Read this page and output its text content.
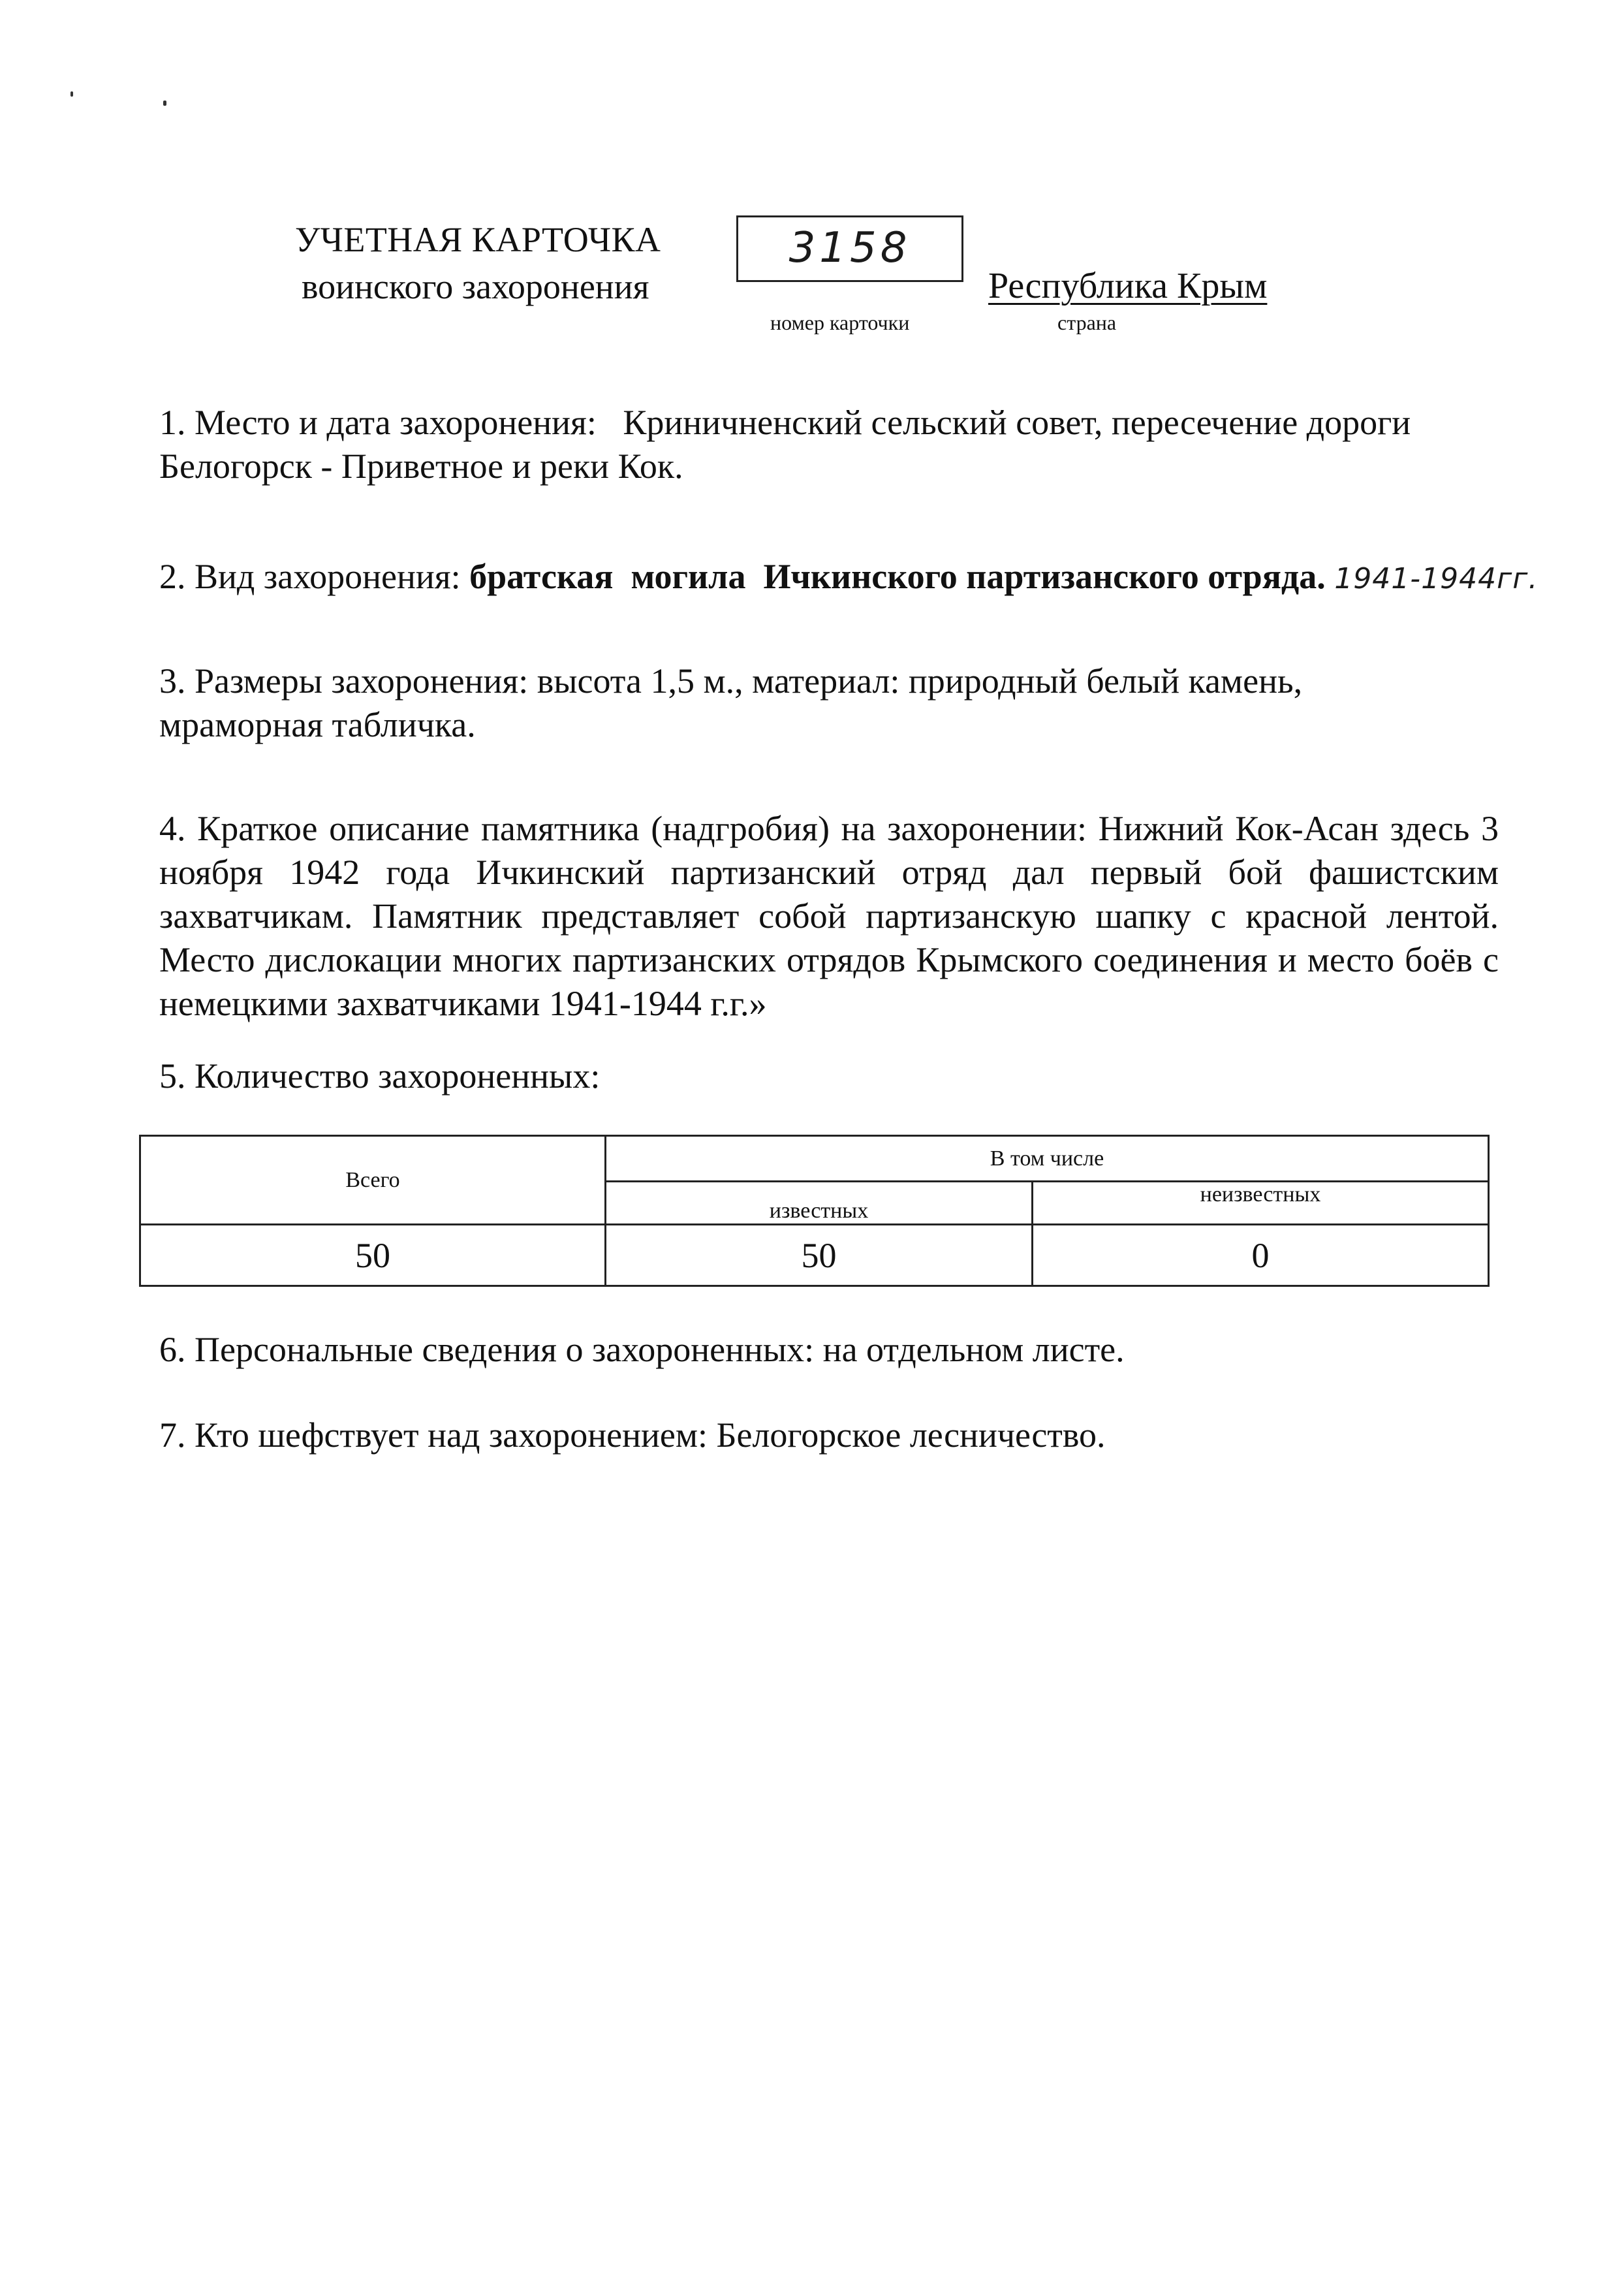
УЧЕТНАЯ КАРТОЧКА
воинского захоронения
3158
номер карточки
Республика Крым
страна
1. Место и дата захоронения:   Криничненский сельский совет, пересечение дороги
Белогорск - Приветное и реки Кок.
2. Вид захоронения: братская  могила  Ичкинского партизанского отряда. 1941-1944гг.
3. Размеры захоронения: высота 1,5 м., материал: природный белый камень,
мраморная табличка.
4. Краткое описание памятника (надгробия) на захоронении: Нижний Кок-Асан здесь 3 ноября 1942 года Ичкинский партизанский отряд дал первый бой фашистским захватчикам. Памятник представляет собой партизанскую шапку с красной лентой. Место дислокации многих партизанских отрядов Крымского соединения и место боёв с немецкими захватчиками 1941-1944 г.г.»
5. Количество захороненных:
Всего	В том числе	
	известных	неизвестных
50	50	0
6. Персональные сведения о захороненных: на отдельном листе.
7. Кто шефствует над захоронением: Белогорское лесничество.
